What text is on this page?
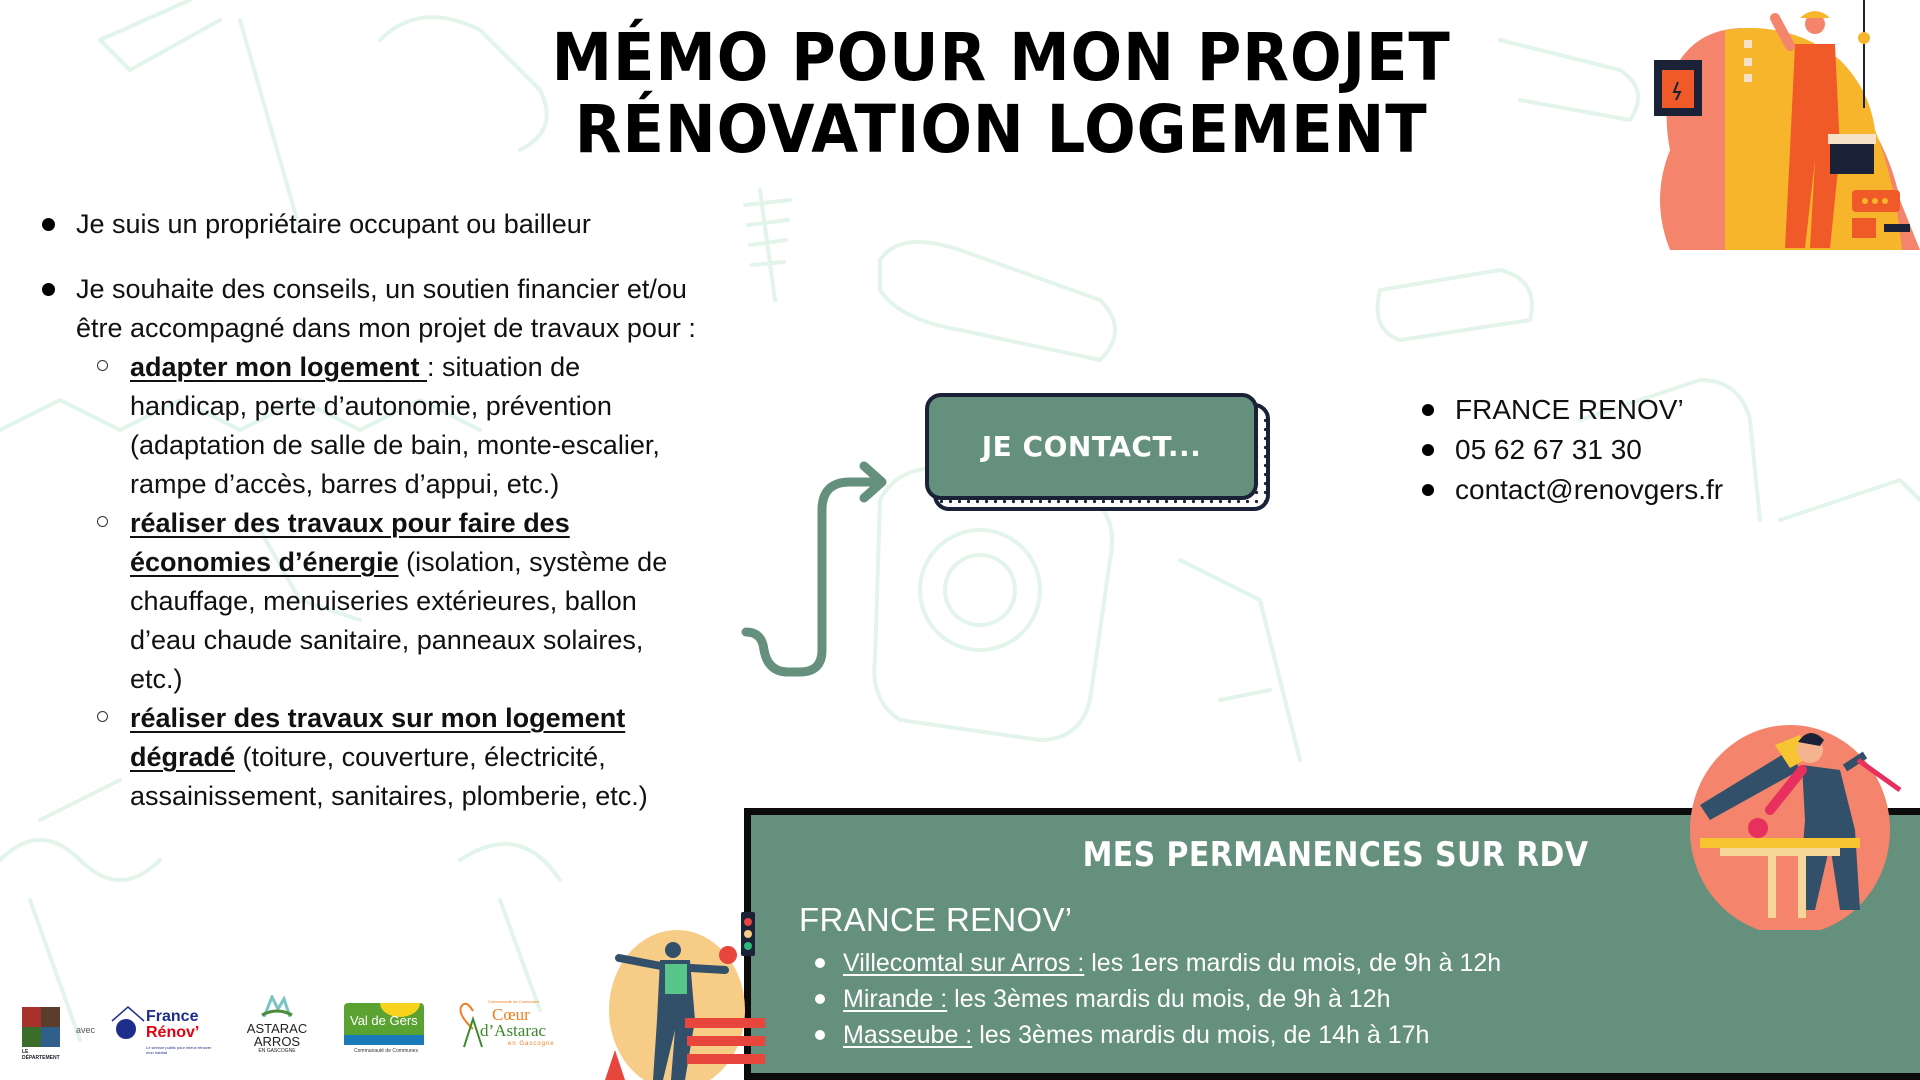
MÉMO POUR MON PROJET
RÉNOVATION LOGEMENT
Je suis un propriétaire occupant ou bailleur
Je souhaite des conseils, un soutien financier et/ou être accompagné dans mon projet de travaux pour :
adapter mon logement : situation de handicap, perte d’autonomie, prévention (adaptation de salle de bain, monte-escalier, rampe d’accès, barres d’appui, etc.)
réaliser des travaux pour faire des économies d’énergie (isolation, système de chauffage, menuiseries extérieures, ballon d’eau chaude sanitaire, panneaux solaires, etc.)
réaliser des travaux sur mon logement dégradé (toiture, couverture, électricité, assainissement, sanitaires, plomberie, etc.)
JE CONTACT...
FRANCE RENOV’
05 62 67 31 30
contact@renovgers.fr
MES PERMANENCES SUR RDV
FRANCE RENOV’
Villecomtal sur Arros : les 1ers mardis du mois, de 9h à 12h
Mirande : les 3èmes mardis du mois, de 9h à 12h
Masseube : les 3èmes mardis du mois, de 14h à 17h
LE DÉPARTEMENT
avec
France
Rénov’
Le service public pour mieux rénover mon habitat
ASTARAC
ARROS
EN GASCOGNE
Val de Gers
Communauté de Communes
Communauté de Communes
Cœur
d’Astarac
en Gascogne
